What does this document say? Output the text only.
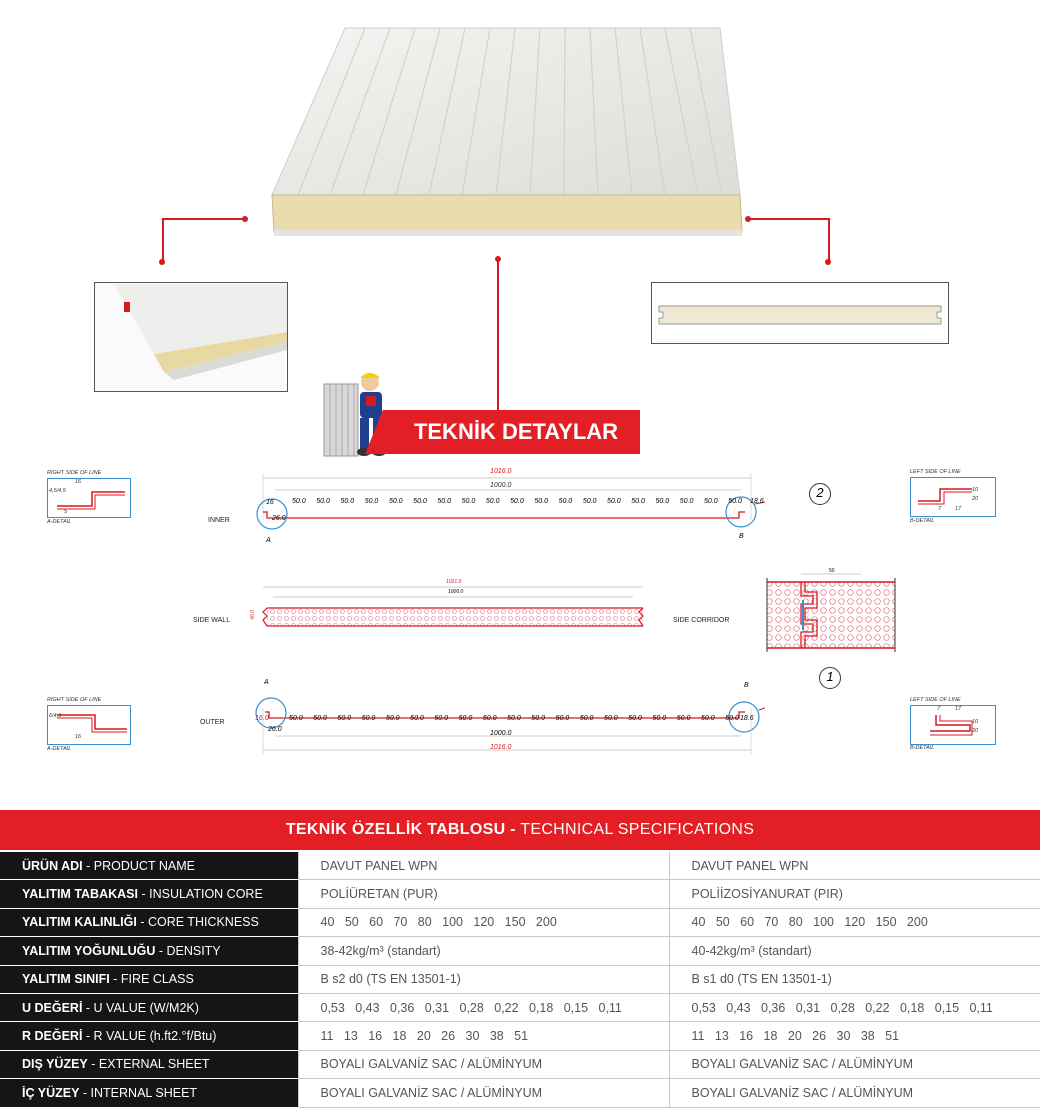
TEKNİK DETAYLAR
RIGHT SIDE OF LINE
16
4,5/4,5
5
A-DETAIL
LEFT SIDE OF LINE
10
20
7	17
B-DETAIL
1016.0
1000.0
16
26.0
18.6
A
B
INNER
50.0 50.0 50.0 50.0 50.0 50.0 50.0 50.0 50.0 50.0 50.0 50.0 50.0 50.0 50.0 50.0 50.0 50.0 50.0
2
1021.0
1000.0
40.0
SIDE WALL	SIDE CORRIDOR
50
RIGHT SIDE OF LINE
6/4,5
16
A-DETAIL
LEFT SIDE OF LINE
7	17
10
20
B-DETAIL
1000.0
1016.0
16.0
26.0
18.6
A	B
OUTER
50.0 50.0 50.0 50.0 50.0 50.0 50.0 50.0 50.0 50.0 50.0 50.0 50.0 50.0 50.0 50.0 50.0 50.0 50.0
1
TEKNİK ÖZELLİK TABLOSU - TECHNICAL SPECIFICATIONS
ÜRÜN ADI - PRODUCT NAME	DAVUT PANEL WPN	DAVUT PANEL WPN
YALITIM TABAKASI - INSULATION CORE	POLİÜRETAN (PUR)	POLİİZOSİYANURAT (PIR)
YALITIM KALINLIĞI - CORE THICKNESS	40   50   60   70   80   100   120   150   200	40   50   60   70   80   100   120   150   200
YALITIM YOĞUNLUĞU - DENSITY	38-42kg/m³ (standart)	40-42kg/m³ (standart)
YALITIM SINIFI - FIRE CLASS	B s2 d0 (TS EN 13501-1)	B s1 d0 (TS EN 13501-1)
U DEĞERİ - U VALUE (W/M2K)	0,53   0,43   0,36   0,31   0,28   0,22   0,18   0,15   0,11	0,53   0,43   0,36   0,31   0,28   0,22   0,18   0,15   0,11
R DEĞERİ - R VALUE (h.ft2.°f/Btu)	11   13   16   18   20   26   30   38   51	11   13   16   18   20   26   30   38   51
DIŞ YÜZEY - EXTERNAL SHEET	BOYALI GALVANİZ SAC / ALÜMİNYUM	BOYALI GALVANİZ SAC / ALÜMİNYUM
İÇ YÜZEY - INTERNAL SHEET	BOYALI GALVANİZ SAC / ALÜMİNYUM	BOYALI GALVANİZ SAC / ALÜMİNYUM
